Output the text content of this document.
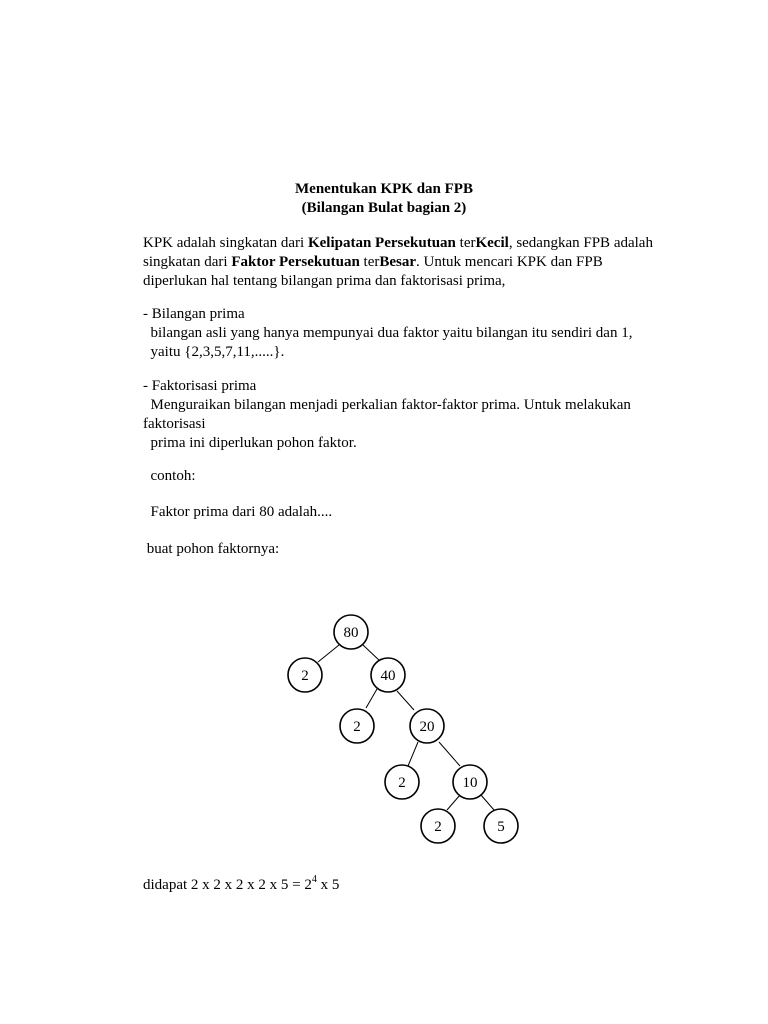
Menentukan KPK dan FPB
(Bilangan Bulat bagian 2)
KPK adalah singkatan dari Kelipatan Persekutuan terKecil, sedangkan FPB adalah
singkatan dari Faktor Persekutuan terBesar. Untuk mencari KPK dan FPB
diperlukan hal tentang bilangan prima dan faktorisasi prima,
- Bilangan prima
bilangan asli yang hanya mempunyai dua faktor yaitu bilangan itu sendiri dan 1,
yaitu {2,3,5,7,11,.....}.
- Faktorisasi prima
Menguraikan bilangan menjadi perkalian faktor-faktor prima. Untuk melakukan
faktorisasi
prima ini diperlukan pohon faktor.
contoh:
Faktor prima dari 80 adalah....
buat pohon faktornya:
80
2	40
2	20
2	10
2	5
didapat 2 x 2 x 2 x 2 x $5 = 2^4$ x 5
